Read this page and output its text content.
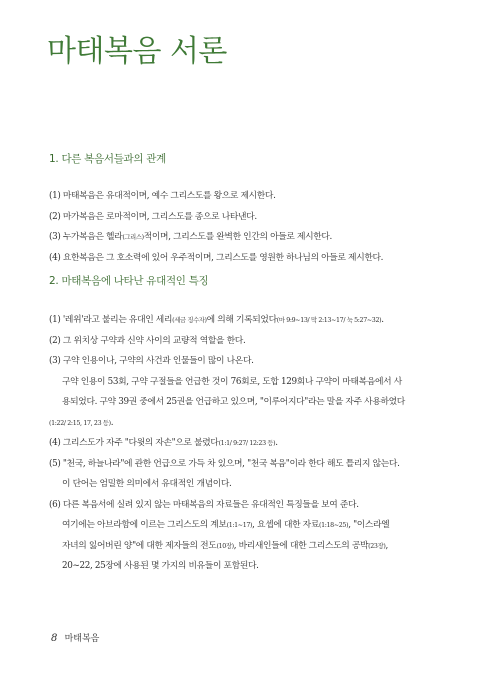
마태복음 서론
1. 다른 복음서들과의 관계
(1) 마태복음은 유대적이며, 예수 그리스도를 왕으로 제시한다.
(2) 마가복음은 로마적이며, 그리스도를 종으로 나타낸다.
(3) 누가복음은 헬라(그리스)적이며, 그리스도를 완벽한 인간의 아들로 제시한다.
(4) 요한복음은 그 호소력에 있어 우주적이며, 그리스도를 영원한 하나님의 아들로 제시한다.
2. 마태복음에 나타난 유대적인 특징
(1) '레위'라고 불리는 유대인 세리(세금 징수자)에 의해 기록되었다(마 9:9~13/ 막 2:13~17/ 눅 5:27~32).
(2) 그 위치상 구약과 신약 사이의 교량적 역할을 한다.
(3) 구약 인용이나, 구약의 사건과 인물들이 많이 나온다.
구약 인용이 53회, 구약 구절들을 언급한 것이 76회로, 도합 129회나 구약이 마태복음에서 사
용되었다. 구약 39권 중에서 25권을 언급하고 있으며, "이루어지다"라는 말을 자주 사용하였다
(1:22/ 2:15, 17, 23 등).
(4) 그리스도가 자주 "다윗의 자손"으로 불렸다(1:1/ 9:27/ 12:23 등).
(5) "천국, 하늘나라"에 관한 언급으로 가득 차 있으며, "천국 복음"이라 한다 해도 틀리지 않는다.
이 단어는 엄밀한 의미에서 유대적인 개념이다.
(6) 다른 복음서에 실려 있지 않는 마태복음의 자료들은 유대적인 특징들을 보여 준다.
여기에는 아브라함에 이르는 그리스도의 계보(1:1~17), 요셉에 대한 자료(1:18~25), "이스라엘
자녀의 잃어버린 양"에 대한 제자들의 전도(10장), 바리새인들에 대한 그리스도의 공박(23장),
20~22, 25장에 사용된 몇 가지의 비유들이 포함된다.
8 마태복음
